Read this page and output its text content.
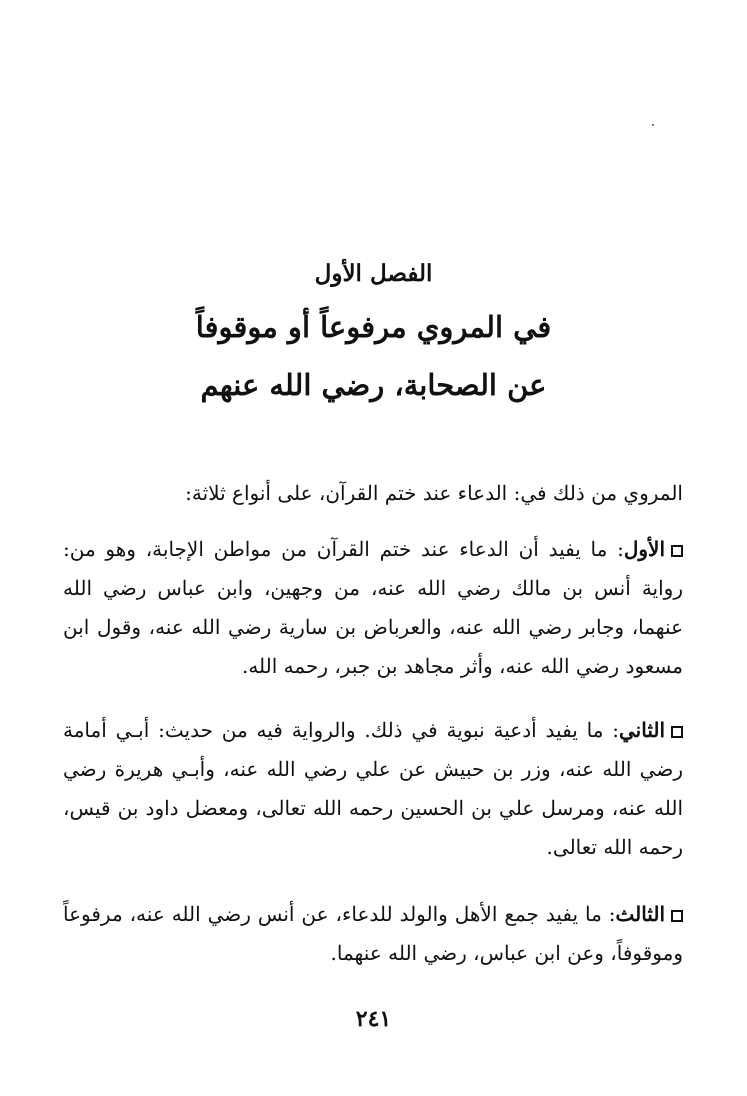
الفصل الأول
في المروي مرفوعاً أو موقوفاً
عن الصحابة، رضي الله عنهم
المروي من ذلك في: الدعاء عند ختم القرآن، على أنواع ثلاثة:
الأول: ما يفيد أن الدعاء عند ختم القرآن من مواطن الإجابة، وهو من: رواية أنس بن مالك رضي الله عنه، من وجهين، وابن عباس رضي الله عنهما، وجابر رضي الله عنه، والعرباض بن سارية رضي الله عنه، وقول ابن مسعود رضي الله عنه، وأثر مجاهد بن جبر، رحمه الله.
الثاني: ما يفيد أدعية نبوية في ذلك. والرواية فيه من حديث: أبـي أمامة رضي الله عنه، وزر بن حبيش عن علي رضي الله عنه، وأبـي هريرة رضي الله عنه، ومرسل علي بن الحسين رحمه الله تعالى، ومعضل داود بن قيس، رحمه الله تعالى.
الثالث: ما يفيد جمع الأهل والولد للدعاء، عن أنس رضي الله عنه، مرفوعاً وموقوفاً، وعن ابن عباس، رضي الله عنهما.
٢٤١
